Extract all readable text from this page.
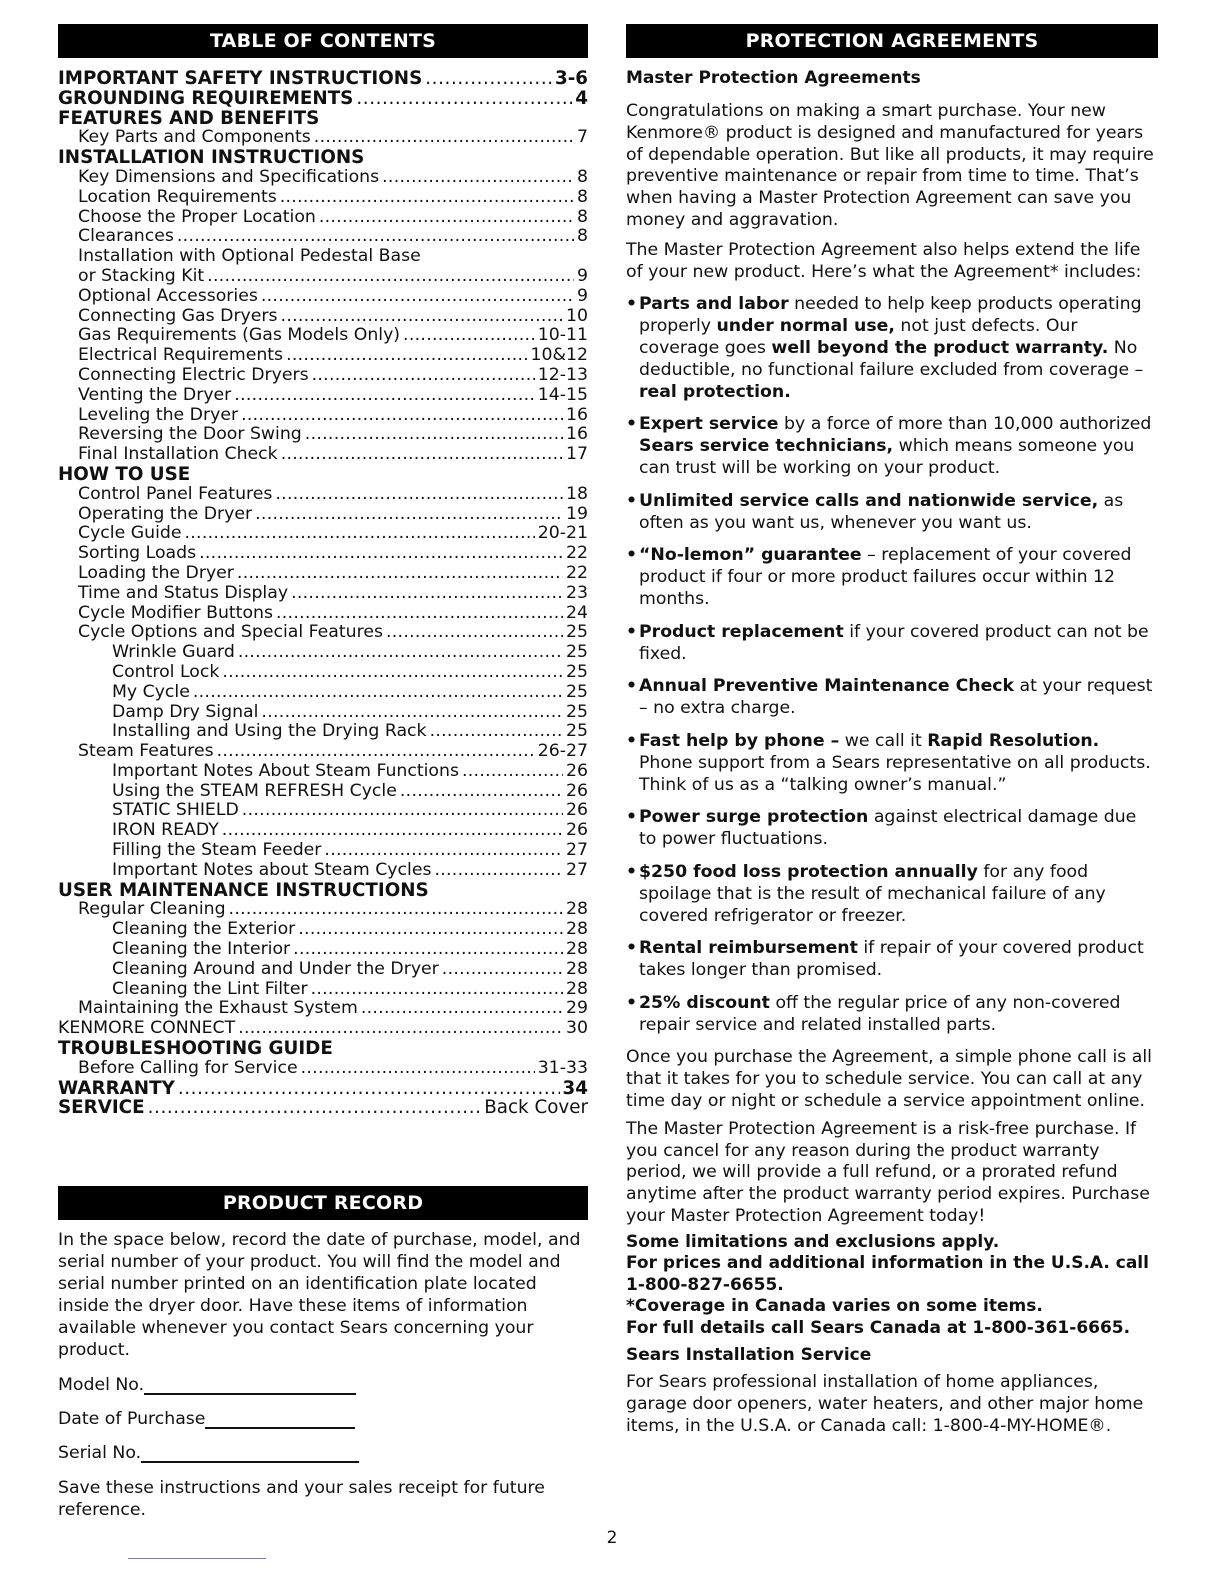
TABLE OF CONTENTS
IMPORTANT SAFETY INSTRUCTIONS . . .	3-6
GROUNDING REQUIREMENTS . . .	4
FEATURES AND BENEFITS
Key Parts and Components . . .	7
INSTALLATION INSTRUCTIONS
Key Dimensions and Specifications . . .	8
Location Requirements . . .	8
Choose the Proper Location . . .	8
Clearances . . .	8
Installation with Optional Pedestal Base
or Stacking Kit . . .	9
Optional Accessories . . .	9
Connecting Gas Dryers . . .	10
Gas Requirements (Gas Models Only) . . .	10-11
Electrical Requirements . . .	10&12
Connecting Electric Dryers . . .	12-13
Venting the Dryer . . .	14-15
Leveling the Dryer . . .	16
Reversing the Door Swing . . .	16
Final Installation Check . . .	17
HOW TO USE
Control Panel Features . . .	18
Operating the Dryer . . .	19
Cycle Guide . . .	20-21
Sorting Loads . . .	22
Loading the Dryer . . .	22
Time and Status Display . . .	23
Cycle Modifier Buttons . . .	24
Cycle Options and Special Features . . .	25
Wrinkle Guard . . .	25
Control Lock . . .	25
My Cycle . . .	25
Damp Dry Signal . . .	25
Installing and Using the Drying Rack . . .	25
Steam Features . . .	26-27
Important Notes About Steam Functions . . .	26
Using the STEAM REFRESH Cycle . . .	26
STATIC SHIELD . . .	26
IRON READY . . .	26
Filling the Steam Feeder . . .	27
Important Notes about Steam Cycles . . .	27
USER MAINTENANCE INSTRUCTIONS
Regular Cleaning . . .	28
Cleaning the Exterior . . .	28
Cleaning the Interior . . .	28
Cleaning Around and Under the Dryer . . .	28
Cleaning the Lint Filter . . .	28
Maintaining the Exhaust System . . .	29
KENMORE CONNECT . . .	30
TROUBLESHOOTING GUIDE
Before Calling for Service . . .	31-33
WARRANTY . . .	34
SERVICE . . .	Back Cover
PRODUCT RECORD
In the space below, record the date of purchase, model, and serial number of your product. You will find the model and serial number printed on an identification plate located inside the dryer door. Have these items of information available whenever you contact Sears concerning your product.
Model No.
Date of Purchase
Serial No.
Save these instructions and your sales receipt for future reference.
PROTECTION AGREEMENTS
Master Protection Agreements
Congratulations on making a smart purchase. Your new Kenmore® product is designed and manufactured for years of dependable operation. But like all products, it may require preventive maintenance or repair from time to time. That’s when having a Master Protection Agreement can save you money and aggravation.
The Master Protection Agreement also helps extend the life of your new product. Here’s what the Agreement* includes:
• Parts and labor needed to help keep products operating properly under normal use, not just defects. Our coverage goes well beyond the product warranty. No deductible, no functional failure excluded from coverage – real protection.
• Expert service by a force of more than 10,000 authorized Sears service technicians, which means someone you can trust will be working on your product.
• Unlimited service calls and nationwide service, as often as you want us, whenever you want us.
• “No-lemon” guarantee – replacement of your covered product if four or more product failures occur within 12 months.
• Product replacement if your covered product can not be fixed.
• Annual Preventive Maintenance Check at your request – no extra charge.
• Fast help by phone – we call it Rapid Resolution. Phone support from a Sears representative on all products. Think of us as a “talking owner’s manual.”
• Power surge protection against electrical damage due to power fluctuations.
• $250 food loss protection annually for any food spoilage that is the result of mechanical failure of any covered refrigerator or freezer.
• Rental reimbursement if repair of your covered product takes longer than promised.
• 25% discount off the regular price of any non-covered repair service and related installed parts.
Once you purchase the Agreement, a simple phone call is all that it takes for you to schedule service. You can call at any time day or night or schedule a service appointment online.
The Master Protection Agreement is a risk-free purchase. If you cancel for any reason during the product warranty period, we will provide a full refund, or a prorated refund anytime after the product warranty period expires. Purchase your Master Protection Agreement today!
Some limitations and exclusions apply.
For prices and additional information in the U.S.A. call 1-800-827-6655.
*Coverage in Canada varies on some items.
For full details call Sears Canada at 1-800-361-6665.
Sears Installation Service
For Sears professional installation of home appliances, garage door openers, water heaters, and other major home items, in the U.S.A. or Canada call: 1-800-4-MY-HOME®.
2
